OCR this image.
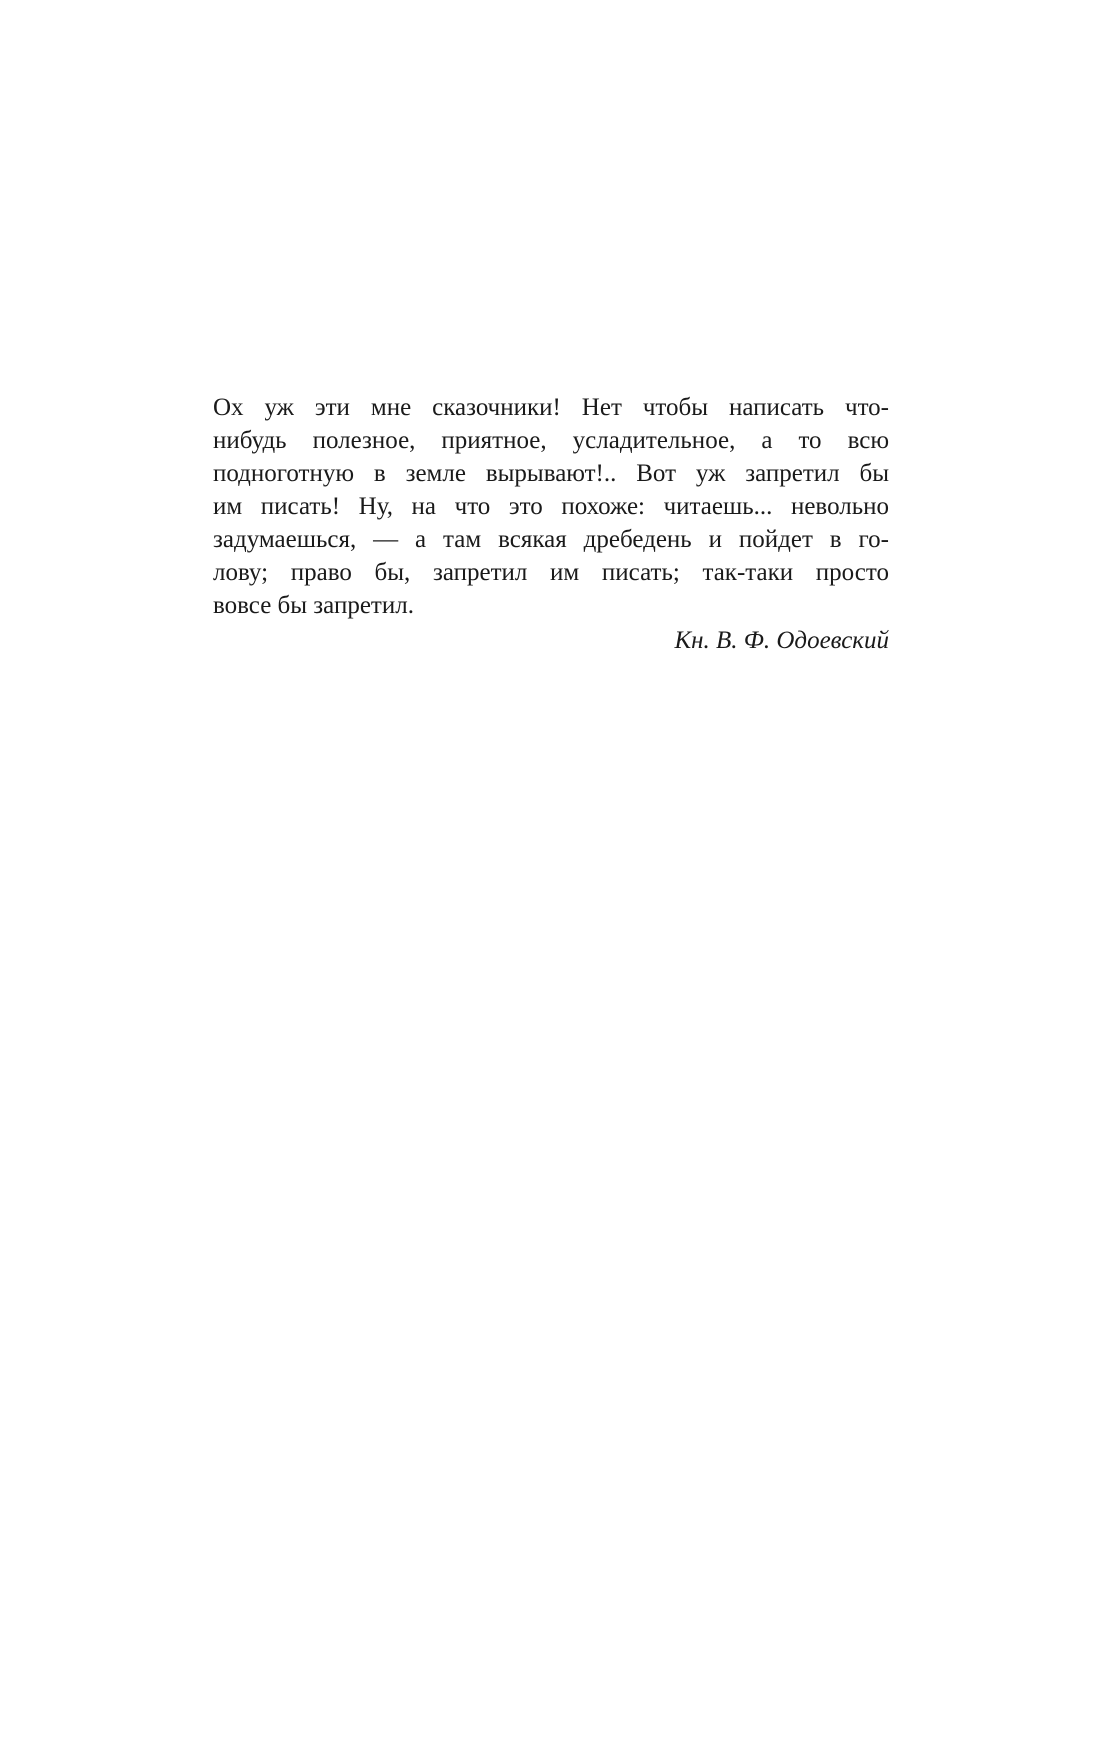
Ох уж эти мне сказочники! Нет чтобы написать что-
нибудь полезное, приятное, усладительное, а то всю
подноготную в земле вырывают!.. Вот уж запретил бы
им писать! Ну, на что это похоже: читаешь... невольно
задумаешься, — а там всякая дребедень и пойдет в го-
лову; право бы, запретил им писать; так-таки просто
вовсе бы запретил.

Кн. В. Ф. Одоевский
